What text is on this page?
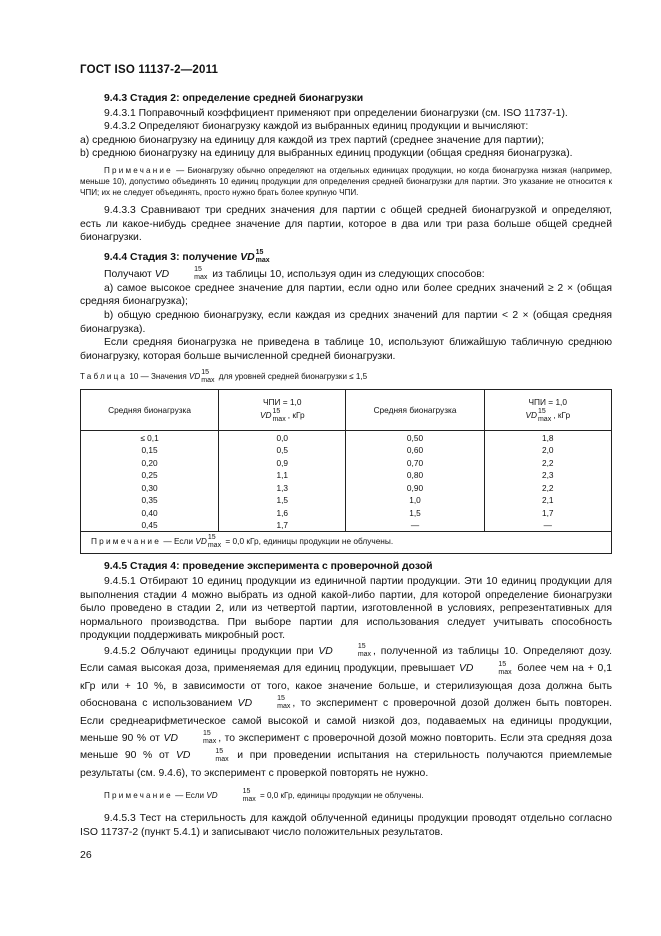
ГОСТ ISO 11137-2—2011

9.4.3 Стадия 2: определение средней бионагрузки

9.4.3.1 Поправочный коэффициент применяют при определении бионагрузки (см. ISO 11737-1).

9.4.3.2 Определяют бионагрузку каждой из выбранных единиц продукции и вычисляют:

а) среднюю бионагрузку на единицу для каждой из трех партий (среднее значение для партии);

b) среднюю бионагрузку на единицу для выбранных единиц продукции (общая средняя бионагрузка).

Примечание — Бионагрузку обычно определяют на отдельных единицах продукции, но когда бионагрузка низкая (например, меньше 10), допустимо объединять 10 единиц продукции для определения средней бионагрузки для партии. Это указание не относится к ЧПИ; их не следует объединять, просто нужно брать более крупную ЧПИ.

9.4.3.3 Сравнивают три средних значения для партии с общей средней бионагрузкой и определяют, есть ли какое-нибудь среднее значение для партии, которое в два или три раза больше общей средней бионагрузки.

9.4.4 Стадия 3: получение VD 15
max

Получают VD	15
max из таблицы 10, используя один из следующих способов:

а) самое высокое среднее значение для партии, если одно или более средних значений ≥ 2 × (общая средняя бионагрузка);

b) общую среднюю бионагрузку, если каждая из средних значений для партии < 2 × (общая средняя бионагрузка).

Если средняя бионагрузка не приведена в таблице 10, используют ближайшую табличную среднюю бионагрузку, которая больше вычисленной средней бионагрузки.

Таблица 10 — Значения VD 15
max для уровней средней бионагрузки ≤ 1,5

Средняя бионагрузка	ЧПИ = 1,0
VD 15
max , кГр	Средняя бионагрузка	ЧПИ = 1,0
VD 15
max , кГр
≤ 0,1	0,0	0,50	1,8
0,15	0,5	0,60	2,0
0,20	0,9	0,70	2,2
0,25	1,1	0,80	2,3
0,30	1,3	0,90	2,2
0,35	1,5	1,0	2,1
0,40	1,6	1,5	1,7
0,45	1,7	—	—
Примечание — Если VD 15
max = 0,0 кГр, единицы продукции не облучены.			

9.4.5 Стадия 4: проведение эксперимента с проверочной дозой

9.4.5.1 Отбирают 10 единиц продукции из единичной партии продукции. Эти 10 единиц продукции для выполнения стадии 4 можно выбрать из одной какой-либо партии, для которой определение бионагрузки было проведено в стадии 2, или из четвертой партии, изготовленной в условиях, репрезентативных для нормального производства. При выборе партии для использования следует учитывать способность продукции поддерживать микробный рост.

9.4.5.2 Облучают единицы продукции при VD	15
max , полученной из таблицы 10. Определяют дозу. Если самая высокая доза, применяемая для единиц продукции, превышает VD	15
max более чем на + 0,1 кГр или + 10 %, в зависимости от того, какое значение больше, и стерилизующая доза должна быть обоснована с использованием VD	15
max , то эксперимент с проверочной дозой должен быть повторен. Если среднеарифметическое самой высокой и самой низкой доз, подаваемых на единицы продукции, меньше 90 % от VD	15
max , то эксперимент с проверочной дозой можно повторить. Если эта средняя доза меньше 90 % от VD	15
max и при проведении испытания на стерильность получаются приемлемые результаты (см. 9.4.6), то эксперимент с проверкой повторять не нужно.

Примечание — Если VD	15
max = 0,0 кГр, единицы продукции не облучены.

9.4.5.3 Тест на стерильность для каждой облученной единицы продукции проводят отдельно согласно ISO 11737-2 (пункт 5.4.1) и записывают число положительных результатов.

26
